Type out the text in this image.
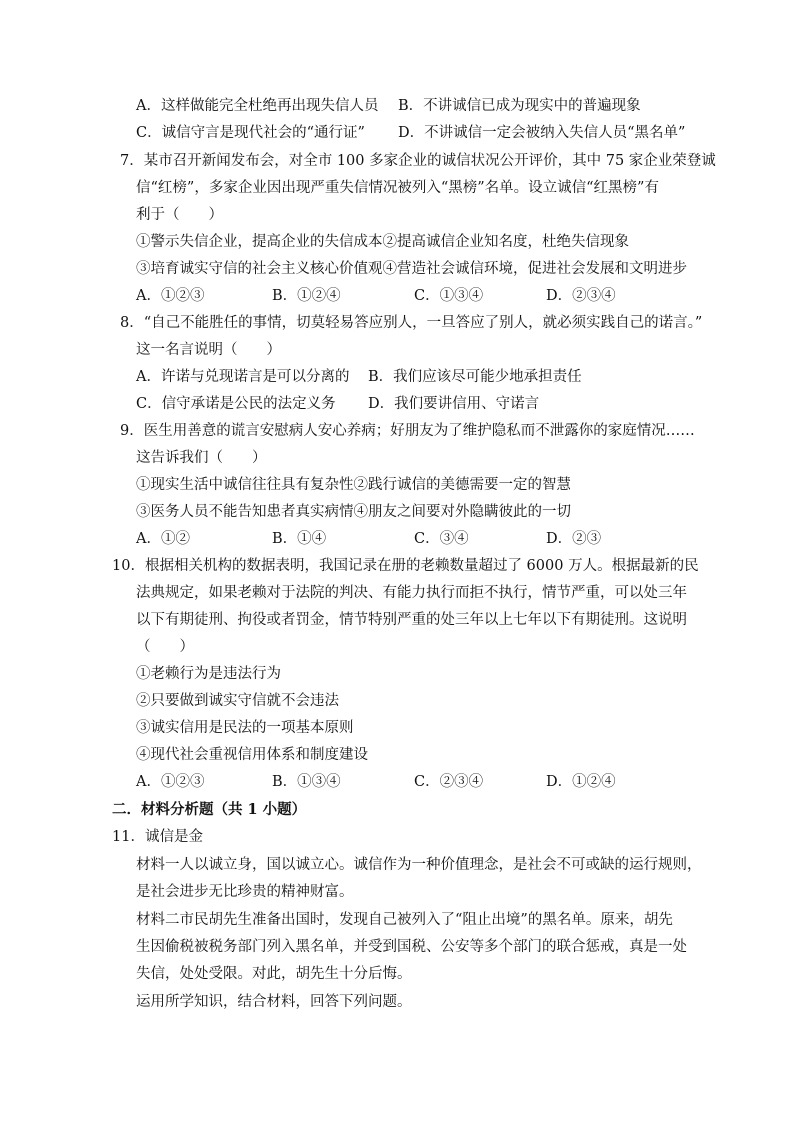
A．这样做能完全杜绝再出现失信人员 B．不讲诚信已成为现实中的普遍现象
C．诚信守言是现代社会的“通行证” D．不讲诚信一定会被纳入失信人员“黑名单”
7．某市召开新闻发布会，对全市 100 多家企业的诚信状况公开评价，其中 75 家企业荣登诚
信“红榜”，多家企业因出现严重失信情况被列入“黑榜”名单。设立诚信“红黑榜”有
利于（　　）
①警示失信企业，提高企业的失信成本②提高诚信企业知名度，杜绝失信现象
③培育诚实守信的社会主义核心价值观④营造社会诚信环境，促进社会发展和文明进步
A．①②③	B．①②④	C．①③④	D．②③④
8．“自己不能胜任的事情，切莫轻易答应别人，一旦答应了别人，就必须实践自己的诺言。”
这一名言说明（　　）
A．许诺与兑现诺言是可以分离的 B．我们应该尽可能少地承担责任
C．信守承诺是公民的法定义务 D．我们要讲信用、守诺言
9．医生用善意的谎言安慰病人安心养病；好朋友为了维护隐私而不泄露你的家庭情况……
这告诉我们（　　）
①现实生活中诚信往往具有复杂性②践行诚信的美德需要一定的智慧
③医务人员不能告知患者真实病情④朋友之间要对外隐瞒彼此的一切
A．①②	B．①④	C．③④	D．②③
10．根据相关机构的数据表明，我国记录在册的老赖数量超过了 6000 万人。根据最新的民
法典规定，如果老赖对于法院的判决、有能力执行而拒不执行，情节严重，可以处三年
以下有期徒刑、拘役或者罚金，情节特别严重的处三年以上七年以下有期徒刑。这说明
（　　）
①老赖行为是违法行为
②只要做到诚实守信就不会违法
③诚实信用是民法的一项基本原则
④现代社会重视信用体系和制度建设
A．①②③	B．①③④	C．②③④	D．①②④
二．材料分析题（共 1 小题）
11．诚信是金
材料一人以诚立身，国以诚立心。诚信作为一种价值理念，是社会不可或缺的运行规则，
是社会进步无比珍贵的精神财富。
材料二市民胡先生准备出国时，发现自己被列入了“阻止出境”的黑名单。原来，胡先
生因偷税被税务部门列入黑名单，并受到国税、公安等多个部门的联合惩戒，真是一处
失信，处处受限。对此，胡先生十分后悔。
运用所学知识，结合材料，回答下列问题。
